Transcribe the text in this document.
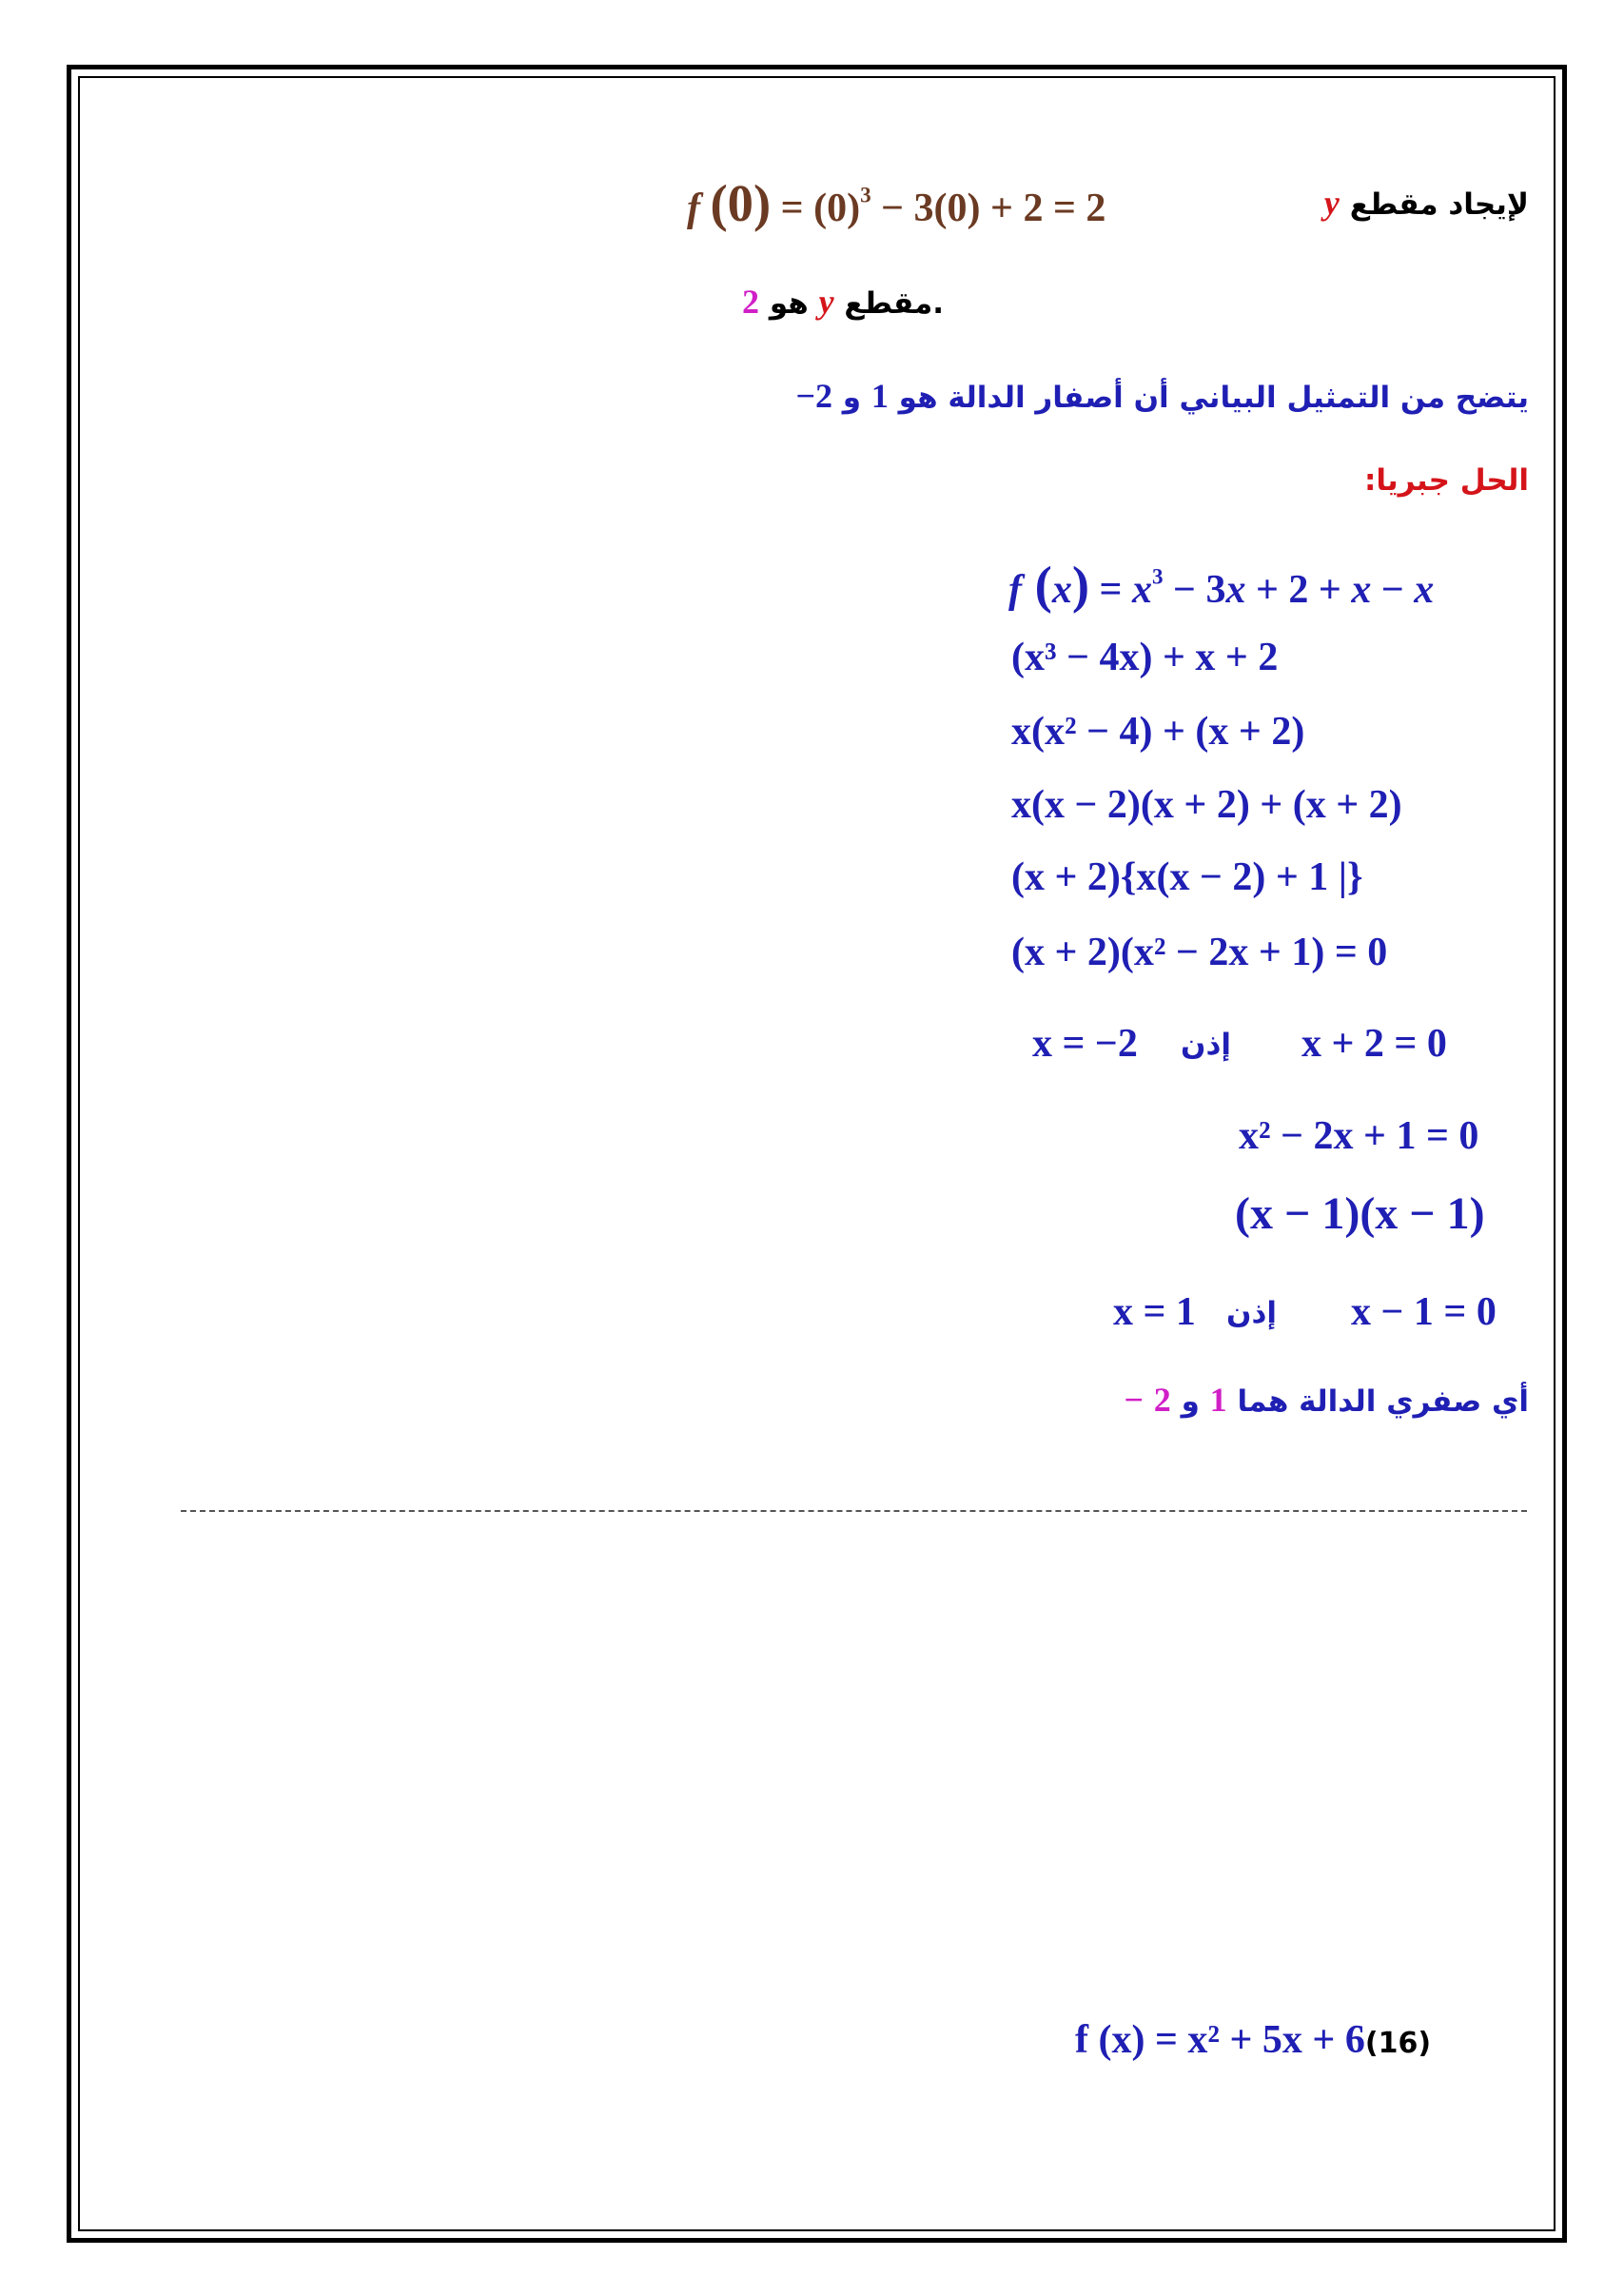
لإيجاد مقطع y
f $(0) = (0)^3 - 3(0) + 2 = 2$
.مقطع y هو 2
يتضح من التمثيل البياني أن أصفار الدالة هو 1 و −2
الحل جبريا:
f $(x) = x^3 - 3x + 2 + x - x$
(x³ − 4x) + x + 2
x(x² − 4) + (x + 2)
x(x − 2)(x + 2) + (x + 2)
(x + 2){x(x − 2) + 1 |}
(x + 2)(x² − 2x + 1) = 0
x + 2 = 0
إذن
x = −2
x² − 2x + 1 = 0
(x − 1)(x − 1)
x − 1 = 0
إذن
x = 1
أي صفري الدالة هما 1 و 2 −
f (x) = x² + 5x + 6(16)
